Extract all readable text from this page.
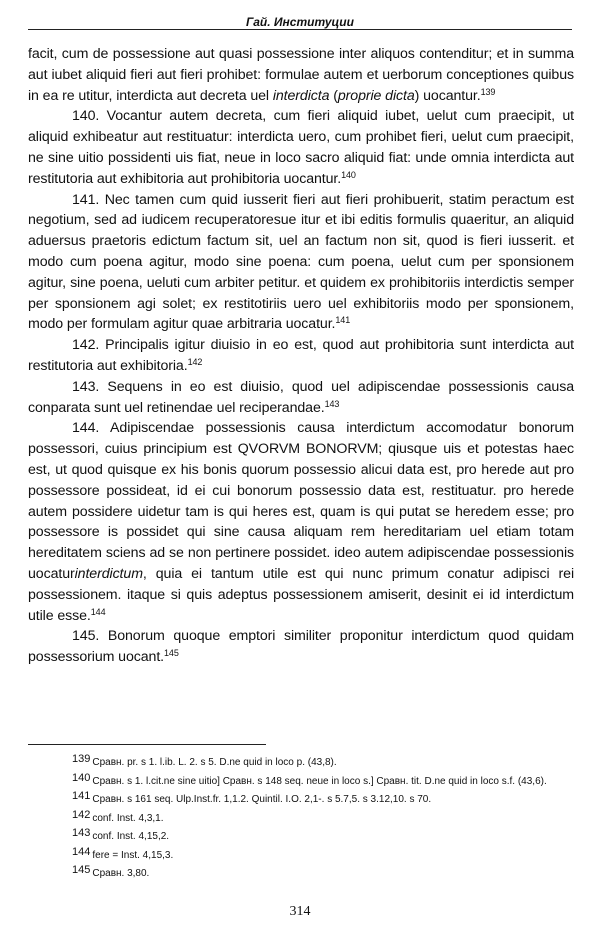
Гай. Институции

facit, cum de possessione aut quasi possessione inter aliquos contenditur; et in summa aut iubet aliquid fieri aut fieri prohibet: formulae autem et uerborum conceptiones quibus in ea re utitur, interdicta aut decreta uel interdicta (proprie dicta) uocantur.$^{139}$

140. Vocantur autem decreta, cum fieri aliquid iubet, uelut cum praecipit, ut aliquid exhibeatur aut restituatur: interdicta uero, cum prohibet fieri, uelut cum praecipit, ne sine uitio possidenti uis fiat, neue in loco sacro aliquid fiat: unde omnia interdicta aut restitutoria aut exhibitoria aut prohibitoria uocantur.$^{140}$

141. Nec tamen cum quid iusserit fieri aut fieri prohibuerit, statim peractum est negotium, sed ad iudicem recuperatoresue itur et ibi editis formulis quaeritur, an aliquid aduersus praetoris edictum factum sit, uel an factum non sit, quod is fieri iusserit. et modo cum poena agitur, modo sine poena: cum poena, uelut cum per sponsionem agitur, sine poena, ueluti cum arbiter petitur. et quidem ex prohibitoriis interdictis semper per sponsionem agi solet; ex restitotiriis uero uel exhibitoriis modo per sponsionem, modo per formulam agitur quae arbitraria uocatur.$^{141}$

142. Principalis igitur diuisio in eo est, quod aut prohibitoria sunt interdicta aut restitutoria aut exhibitoria.$^{142}$

143. Sequens in eo est diuisio, quod uel adipiscendae possessionis causa conparata sunt uel retinendae uel reciperandae.$^{143}$

144. Adipiscendae possessionis causa interdictum accomodatur bonorum possessori, cuius principium est QVORVM BONORVM; qiusque uis et potestas haec est, ut quod quisque ex his bonis quorum possessio alicui data est, pro herede aut pro possessore possideat, id ei cui bonorum possessio data est, restituatur. pro herede autem possidere uidetur tam is qui heres est, quam is qui putat se heredem esse; pro possessore is possidet qui sine causa aliquam rem hereditariam uel etiam totam hereditatem sciens ad se non pertinere possidet. ideo autem adipiscendae possessionis uocaturinterdictum, quia ei tantum utile est qui nunc primum conatur adipisci rei possessionem. itaque si quis adeptus possessionem amiserit, desinit ei id interdictum utile esse.$^{144}$

145. Bonorum quoque emptori similiter proponitur interdictum quod quidam possessorium uocant.$^{145}$

$^{139}$ Сравн. pr. s 1. l.ib. L. 2. s 5. D.ne quid in loco p. (43,8).

$^{140}$ Сравн. s 1. l.cit.ne sine uitio] Сравн. s 148 seq. neue in loco s.] Сравн. tit. D.ne quid in loco s.f. (43,6).

$^{141}$ Сравн. s 161 seq. Ulp.Inst.fr. 1,1.2. Quintil. I.O. 2,1-. s 5.7,5. s 3.12,10. s 70.

$^{142}$ conf. Inst. 4,3,1.

$^{143}$ conf. Inst. 4,15,2.

$^{144}$ fere = Inst. 4,15,3.

$^{145}$ Сравн. 3,80.

314
